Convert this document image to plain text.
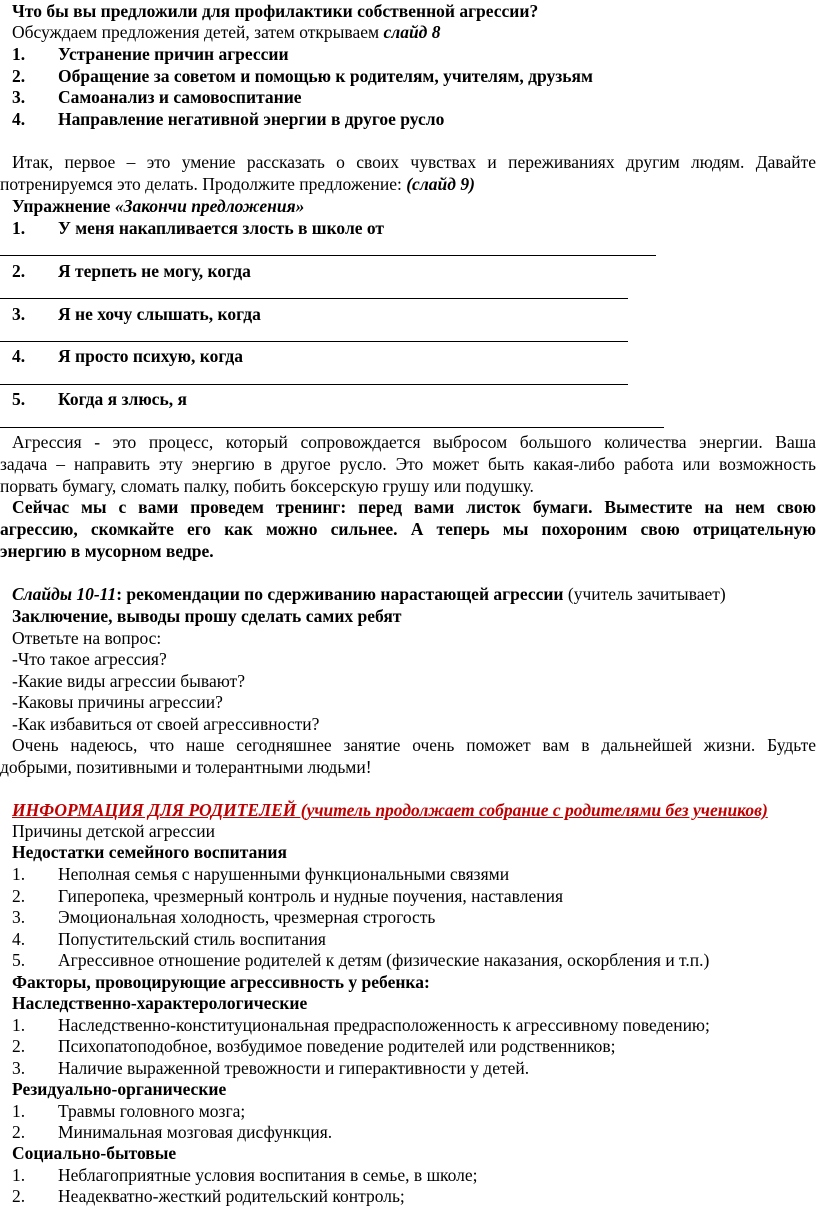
Что бы вы предложили для профилактики собственной агрессии?
Обсуждаем предложения детей, затем открываем слайд 8
1. Устранение причин агрессии
2. Обращение за советом и помощью к родителям, учителям, друзьям
3. Самоанализ и самовоспитание
4. Направление негативной энергии в другое русло
Итак, первое – это умение рассказать о своих чувствах и переживаниях другим людям. Давайте
потренируемся это делать. Продолжите предложение: (слайд 9)
Упражнение «Закончи предложения»
1. У меня накапливается злость в школе от
2. Я терпеть не могу, когда
3. Я не хочу слышать, когда
4. Я просто психую, когда
5. Когда я злюсь, я
Агрессия - это процесс, который сопровождается выбросом большого количества энергии. Ваша
задача – направить эту энергию в другое русло. Это может быть какая-либо работа или возможность
порвать бумагу, сломать палку, побить боксерскую грушу или подушку.
Сейчас мы с вами проведем тренинг: перед вами листок бумаги. Выместите на нем свою
агрессию, скомкайте его как можно сильнее. А теперь мы похороним свою отрицательную
энергию в мусорном ведре.
Слайды 10-11: рекомендации по сдерживанию нарастающей агрессии (учитель зачитывает)
Заключение, выводы прошу сделать самих ребят
Ответьте на вопрос:
-Что такое агрессия?
-Какие виды агрессии бывают?
-Каковы причины агрессии?
-Как избавиться от своей агрессивности?
Очень надеюсь, что наше сегодняшнее занятие очень поможет вам в дальнейшей жизни. Будьте
добрыми, позитивными и толерантными людьми!
ИНФОРМАЦИЯ ДЛЯ РОДИТЕЛЕЙ (учитель продолжает собрание с родителями без учеников)
Причины детской агрессии
Недостатки семейного воспитания
1. Неполная семья с нарушенными функциональными связями
2. Гиперопека, чрезмерный контроль и нудные поучения, наставления
3. Эмоциональная холодность, чрезмерная строгость
4. Попустительский стиль воспитания
5. Агрессивное отношение родителей к детям (физические наказания, оскорбления и т.п.)
Факторы, провоцирующие агрессивность у ребенка:
Наследственно-характерологические
1. Наследственно-конституциональная предрасположенность к агрессивному поведению;
2. Психопатоподобное, возбудимое поведение родителей или родственников;
3. Наличие выраженной тревожности и гиперактивности у детей.
Резидуально-органические
1. Травмы головного мозга;
2. Минимальная мозговая дисфункция.
Социально-бытовые
1. Неблагоприятные условия воспитания в семье, в школе;
2. Неадекватно-жесткий родительский контроль;
